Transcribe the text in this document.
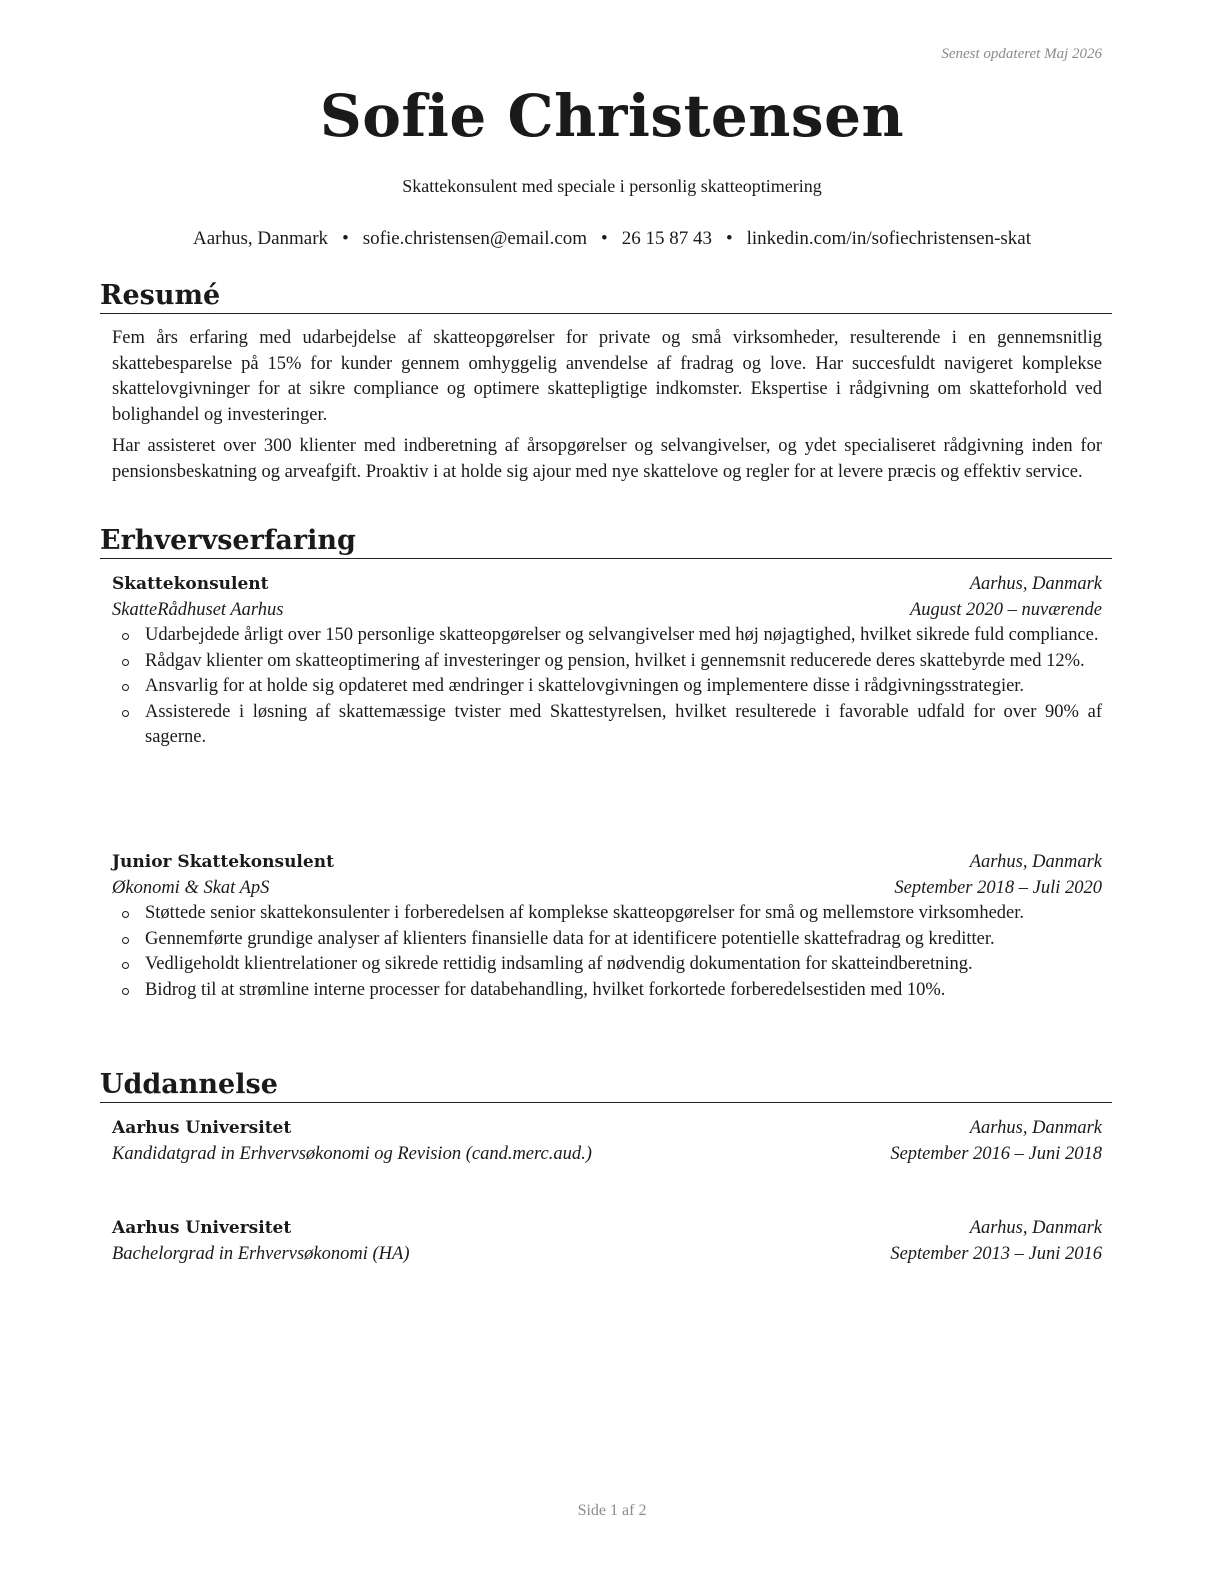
Senest opdateret Maj 2026
Sofie Christensen
Skattekonsulent med speciale i personlig skatteoptimering
Aarhus, Danmark • sofie.christensen@email.com • 26 15 87 43 • linkedin.com/in/sofiechristensen-skat
Resumé

Fem års erfaring med udarbejdelse af skatteopgørelser for private og små virksomheder, resulterende i en gennemsnitlig skattebesparelse på 15% for kunder gennem omhyggelig anvendelse af fradrag og love. Har succesfuldt navigeret komplekse skattelovgivninger for at sikre compliance og optimere skattepligtige indkomster. Ekspertise i rådgivning om skatteforhold ved bolighandel og investeringer.

Har assisteret over 300 klienter med indberetning af årsopgørelser og selvangivelser, og ydet specialiseret rådgivning inden for pensionsbeskatning og arveafgift. Proaktiv i at holde sig ajour med nye skattelove og regler for at levere præcis og effektiv service.

Erhvervserfaring
Skattekonsulent	Aarhus, Danmark
SkatteRådhuset Aarhus	August 2020 – nuværende
Udarbejdede årligt over 150 personlige skatteopgørelser og selvangivelser med høj nøjagtighed, hvilket sikrede fuld compliance.
Rådgav klienter om skatteoptimering af investeringer og pension, hvilket i gennemsnit reducerede deres skattebyrde med 12%.
Ansvarlig for at holde sig opdateret med ændringer i skattelovgivningen og implementere disse i rådgivningsstrategier.
Assisterede i løsning af skattemæssige tvister med Skattestyrelsen, hvilket resulterede i favorable udfald for over 90% af sagerne.
Junior Skattekonsulent	Aarhus, Danmark
Økonomi & Skat ApS	September 2018 – Juli 2020
Støttede senior skattekonsulenter i forberedelsen af komplekse skatteopgørelser for små og mellemstore virksomheder.
Gennemførte grundige analyser af klienters finansielle data for at identificere potentielle skattefradrag og kreditter.
Vedligeholdt klientrelationer og sikrede rettidig indsamling af nødvendig dokumentation for skatteindberetning.
Bidrog til at strømline interne processer for databehandling, hvilket forkortede forberedelsestiden med 10%.
Uddannelse
Aarhus Universitet	Aarhus, Danmark
Kandidatgrad in Erhvervsøkonomi og Revision (cand.merc.aud.)	September 2016 – Juni 2018
Aarhus Universitet	Aarhus, Danmark
Bachelorgrad in Erhvervsøkonomi (HA)	September 2013 – Juni 2016
Side 1 af 2
